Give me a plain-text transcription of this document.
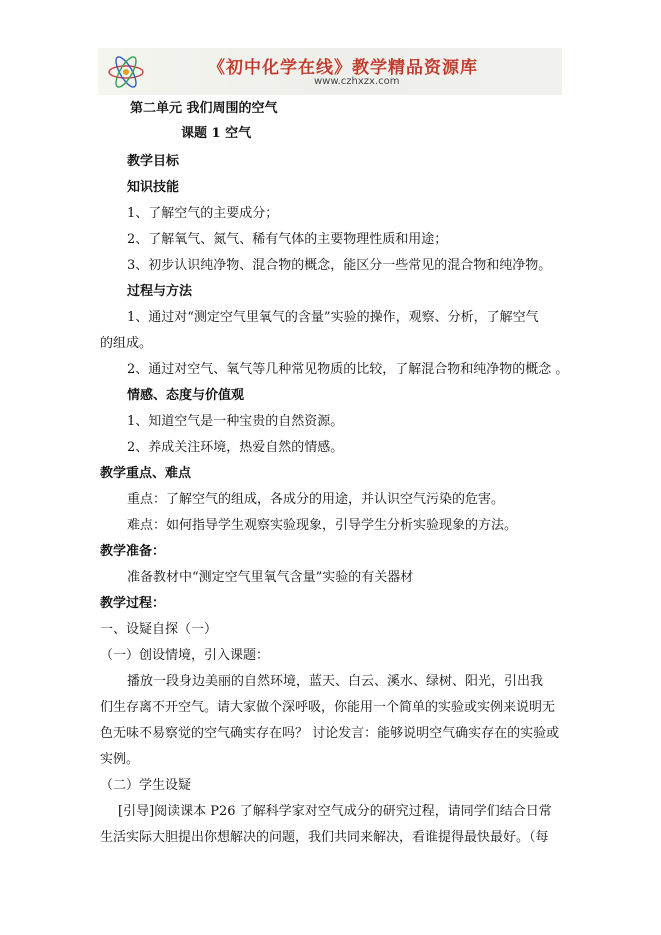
《初中化学在线》教学精品资源库
www.czhxzx.com
第二单元 我们周围的空气
课题 1 空气
教学目标
知识技能
1、了解空气的主要成分；
2、了解氧气、氮气、稀有气体的主要物理性质和用途；
3、初步认识纯净物、混合物的概念，能区分一些常见的混合物和纯净物。
过程与方法
1、通过对“测定空气里氧气的含量”实验的操作，观察、分析，了解空气
的组成。
2、通过对空气、氧气等几种常见物质的比较，了解混合物和纯净物的概念 。
情感、态度与价值观
1、知道空气是一种宝贵的自然资源。
2、养成关注环境，热爱自然的情感。
教学重点、难点
重点：了解空气的组成，各成分的用途，并认识空气污染的危害。
难点：如何指导学生观察实验现象，引导学生分析实验现象的方法。
教学准备：
准备教材中“测定空气里氧气含量”实验的有关器材
教学过程：
一、设疑自探（一）
（一）创设情境，引入课题：
播放一段身边美丽的自然环境，蓝天、白云、溪水、绿树、阳光，引出我
们生存离不开空气。请大家做个深呼吸，你能用一个简单的实验或实例来说明无
色无味不易察觉的空气确实存在吗？ 讨论发言：能够说明空气确实存在的实验或
实例。
（二）学生设疑
[引导]阅读课本 P26 了解科学家对空气成分的研究过程，请同学们结合日常
生活实际大胆提出你想解决的问题，我们共同来解决，看谁提得最快最好。（每
